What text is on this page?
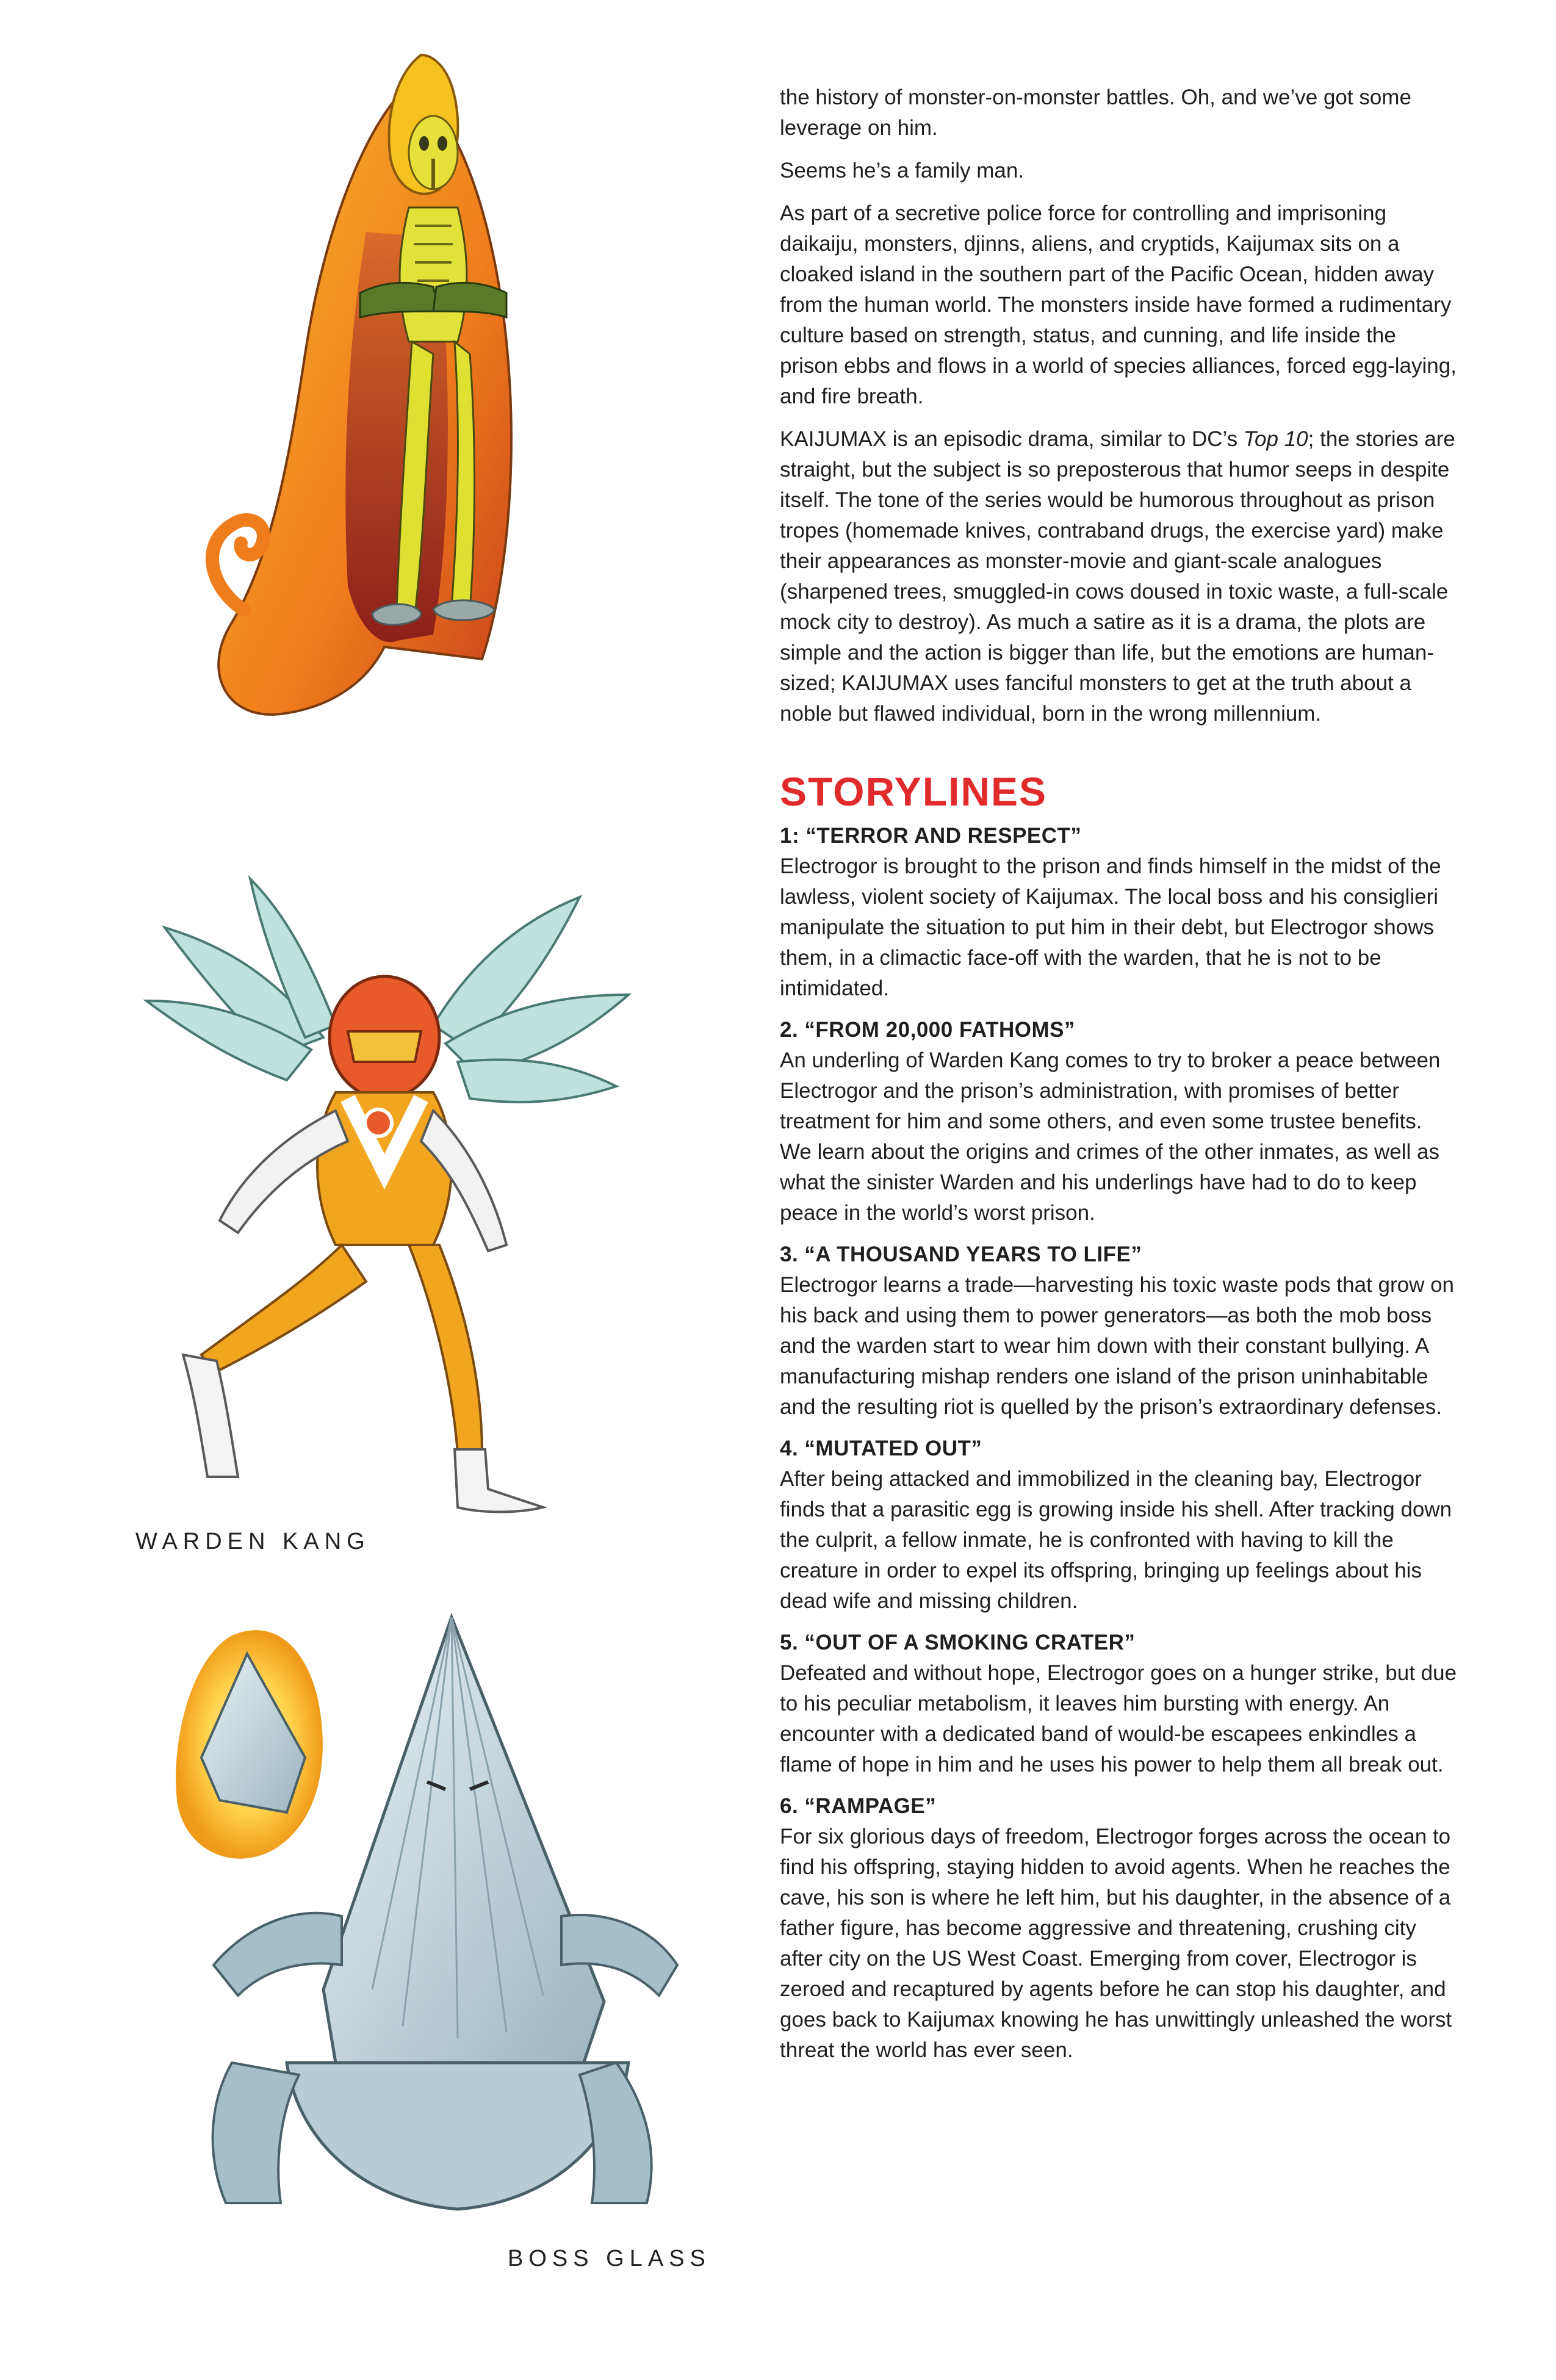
WARDEN KANG

BOSS GLASS

the history of monster-on-monster battles. Oh, and we’ve got some leverage on him.

Seems he’s a family man.

As part of a secretive police force for controlling and imprisoning daikaiju, monsters, djinns, aliens, and cryptids, Kaijumax sits on a cloaked island in the southern part of the Pacific Ocean, hidden away from the human world. The monsters inside have formed a rudimentary culture based on strength, status, and cunning, and life inside the prison ebbs and flows in a world of species alliances, forced egg-laying, and fire breath.

KAIJUMAX is an episodic drama, similar to DC’s Top 10; the stories are straight, but the subject is so preposterous that humor seeps in despite itself. The tone of the series would be humorous throughout as prison tropes (homemade knives, contraband drugs, the exercise yard) make their appearances as monster-movie and giant-scale analogues (sharpened trees, smuggled-in cows doused in toxic waste, a full-scale mock city to destroy). As much a satire as it is a drama, the plots are simple and the action is bigger than life, but the emotions are human-sized; KAIJUMAX uses fanciful monsters to get at the truth about a noble but flawed individual, born in the wrong millennium.

STORYLINES
1: “TERROR AND RESPECT”

Electrogor is brought to the prison and finds himself in the midst of the lawless, violent society of Kaijumax. The local boss and his consiglieri manipulate the situation to put him in their debt, but Electrogor shows them, in a climactic face-off with the warden, that he is not to be intimidated.

2. “FROM 20,000 FATHOMS”

An underling of Warden Kang comes to try to broker a peace between Electrogor and the prison’s administration, with promises of better treatment for him and some others, and even some trustee benefits. We learn about the origins and crimes of the other inmates, as well as what the sinister Warden and his underlings have had to do to keep peace in the world’s worst prison.

3. “A THOUSAND YEARS TO LIFE”

Electrogor learns a trade—harvesting his toxic waste pods that grow on his back and using them to power generators—as both the mob boss and the warden start to wear him down with their constant bullying. A manufacturing mishap renders one island of the prison uninhabitable and the resulting riot is quelled by the prison’s extraordinary defenses.

4. “MUTATED OUT”

After being attacked and immobilized in the cleaning bay, Electrogor finds that a parasitic egg is growing inside his shell. After tracking down the culprit, a fellow inmate, he is confronted with having to kill the creature in order to expel its offspring, bringing up feelings about his dead wife and missing children.

5. “OUT OF A SMOKING CRATER”

Defeated and without hope, Electrogor goes on a hunger strike, but due to his peculiar metabolism, it leaves him bursting with energy. An encounter with a dedicated band of would-be escapees enkindles a flame of hope in him and he uses his power to help them all break out.

6. “RAMPAGE”

For six glorious days of freedom, Electrogor forges across the ocean to find his offspring, staying hidden to avoid agents. When he reaches the cave, his son is where he left him, but his daughter, in the absence of a father figure, has become aggressive and threatening, crushing city after city on the US West Coast. Emerging from cover, Electrogor is zeroed and recaptured by agents before he can stop his daughter, and goes back to Kaijumax knowing he has unwittingly unleashed the worst threat the world has ever seen.
